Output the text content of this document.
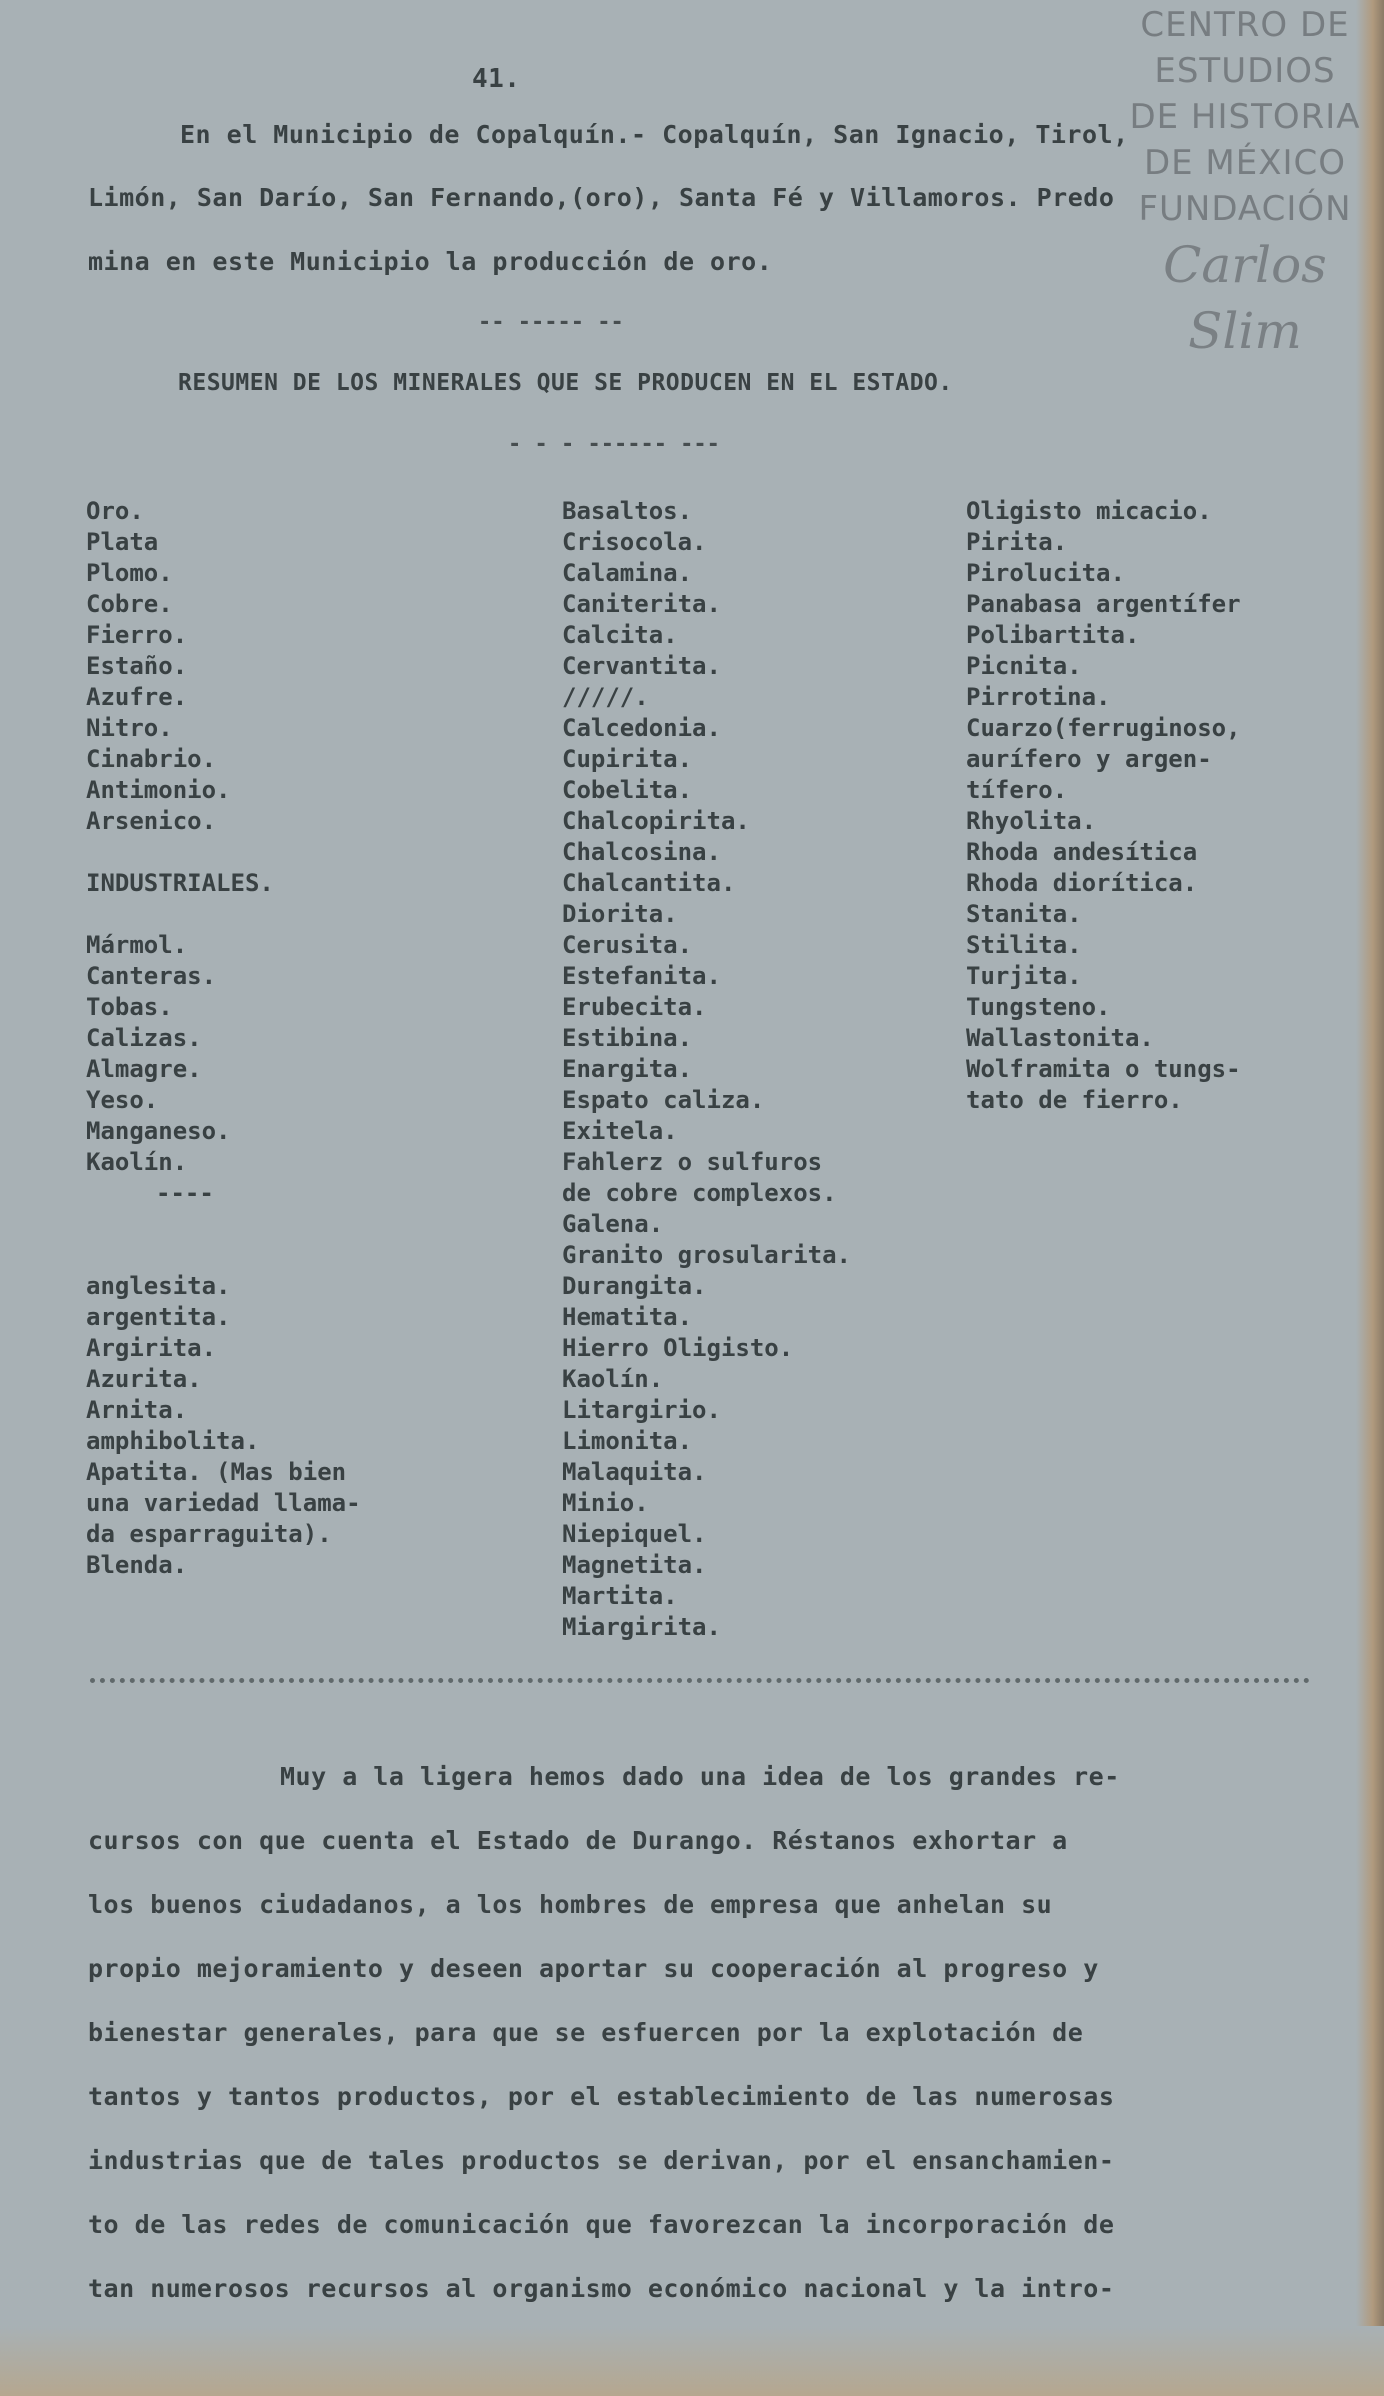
CENTRO DE
ESTUDIOS
DE HISTORIA
DE MÉXICO
FUNDACIÓN
Carlos Slim
41.
En el Municipio de Copalquín.- Copalquín, San Ignacio, Tirol,
Limón, San Darío, San Fernando,(oro), Santa Fé y Villamoros. Predo
mina en este Municipio la producción de oro.
-- ----- --
RESUMEN DE LOS MINERALES QUE SE PRODUCEN EN EL ESTADO.
- - - ------ ---
Oro.
Plata
Plomo.
Cobre.
Fierro.
Estaño.
Azufre.
Nitro.
Cinabrio.
Antimonio.
Arsenico.
INDUSTRIALES.
Mármol.
Canteras.
Tobas.
Calizas.
Almagre.
Yeso.
Manganeso.
Kaolín.
----
anglesita.
argentita.
Argirita.
Azurita.
Arnita.
amphibolita.
Apatita. (Mas bien
una variedad llama-
da esparraguita).
Blenda.
Basaltos.
Crisocola.
Calamina.
Caniterita.
Calcita.
Cervantita.
/////.
Calcedonia.
Cupirita.
Cobelita.
Chalcopirita.
Chalcosina.
Chalcantita.
Diorita.
Cerusita.
Estefanita.
Erubecita.
Estibina.
Enargita.
Espato caliza.
Exitela.
Fahlerz o sulfuros
de cobre complexos.
Galena.
Granito grosularita.
Durangita.
Hematita.
Hierro Oligisto.
Kaolín.
Litargirio.
Limonita.
Malaquita.
Minio.
Niepiquel.
Magnetita.
Martita.
Miargirita.
Oligisto micacio.
Pirita.
Pirolucita.
Panabasa argentífer
Polibartita.
Picnita.
Pirrotina.
Cuarzo(ferruginoso,
aurífero y argen-
tífero.
Rhyolita.
Rhoda andesítica
Rhoda diorítica.
Stanita.
Stilita.
Turjita.
Tungsteno.
Wallastonita.
Wolframita o tungs-
tato de fierro.
Muy a la ligera hemos dado una idea de los grandes re-
cursos con que cuenta el Estado de Durango. Réstanos exhortar a
los buenos ciudadanos, a los hombres de empresa que anhelan su
propio mejoramiento y deseen aportar su cooperación al progreso y
bienestar generales, para que se esfuercen por la explotación de
tantos y tantos productos, por el establecimiento de las numerosas
industrias que de tales productos se derivan, por el ensanchamien-
to de las redes de comunicación que favorezcan la incorporación de
tan numerosos recursos al organismo económico nacional y la intro-
